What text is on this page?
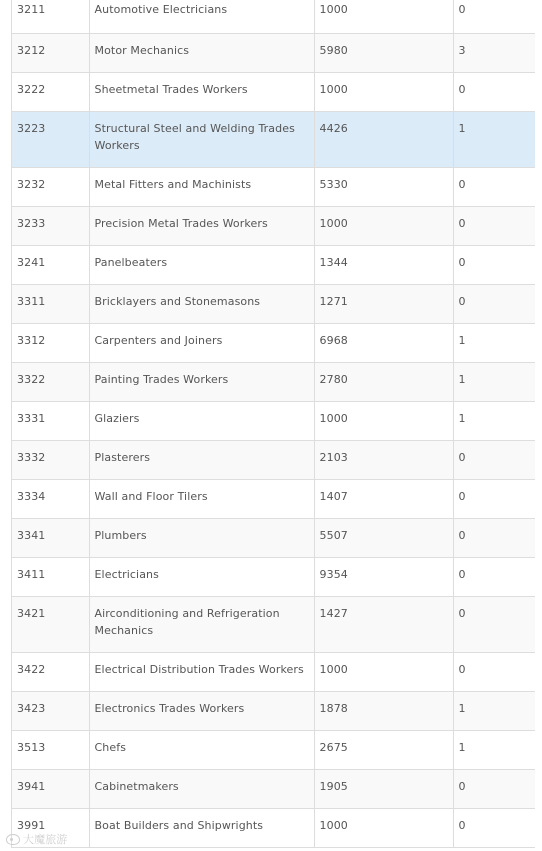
3211	Automotive Electricians	1000	0
3212	Motor Mechanics	5980	3
3222	Sheetmetal Trades Workers	1000	0
3223	Structural Steel and Welding Trades Workers	4426	1
3232	Metal Fitters and Machinists	5330	0
3233	Precision Metal Trades Workers	1000	0
3241	Panelbeaters	1344	0
3311	Bricklayers and Stonemasons	1271	0
3312	Carpenters and Joiners	6968	1
3322	Painting Trades Workers	2780	1
3331	Glaziers	1000	1
3332	Plasterers	2103	0
3334	Wall and Floor Tilers	1407	0
3341	Plumbers	5507	0
3411	Electricians	9354	0
3421	Airconditioning and Refrigeration Mechanics	1427	0
3422	Electrical Distribution Trades Workers	1000	0
3423	Electronics Trades Workers	1878	1
3513	Chefs	2675	1
3941	Cabinetmakers	1905	0
3991	Boat Builders and Shipwrights	1000	0
大魔旅游
